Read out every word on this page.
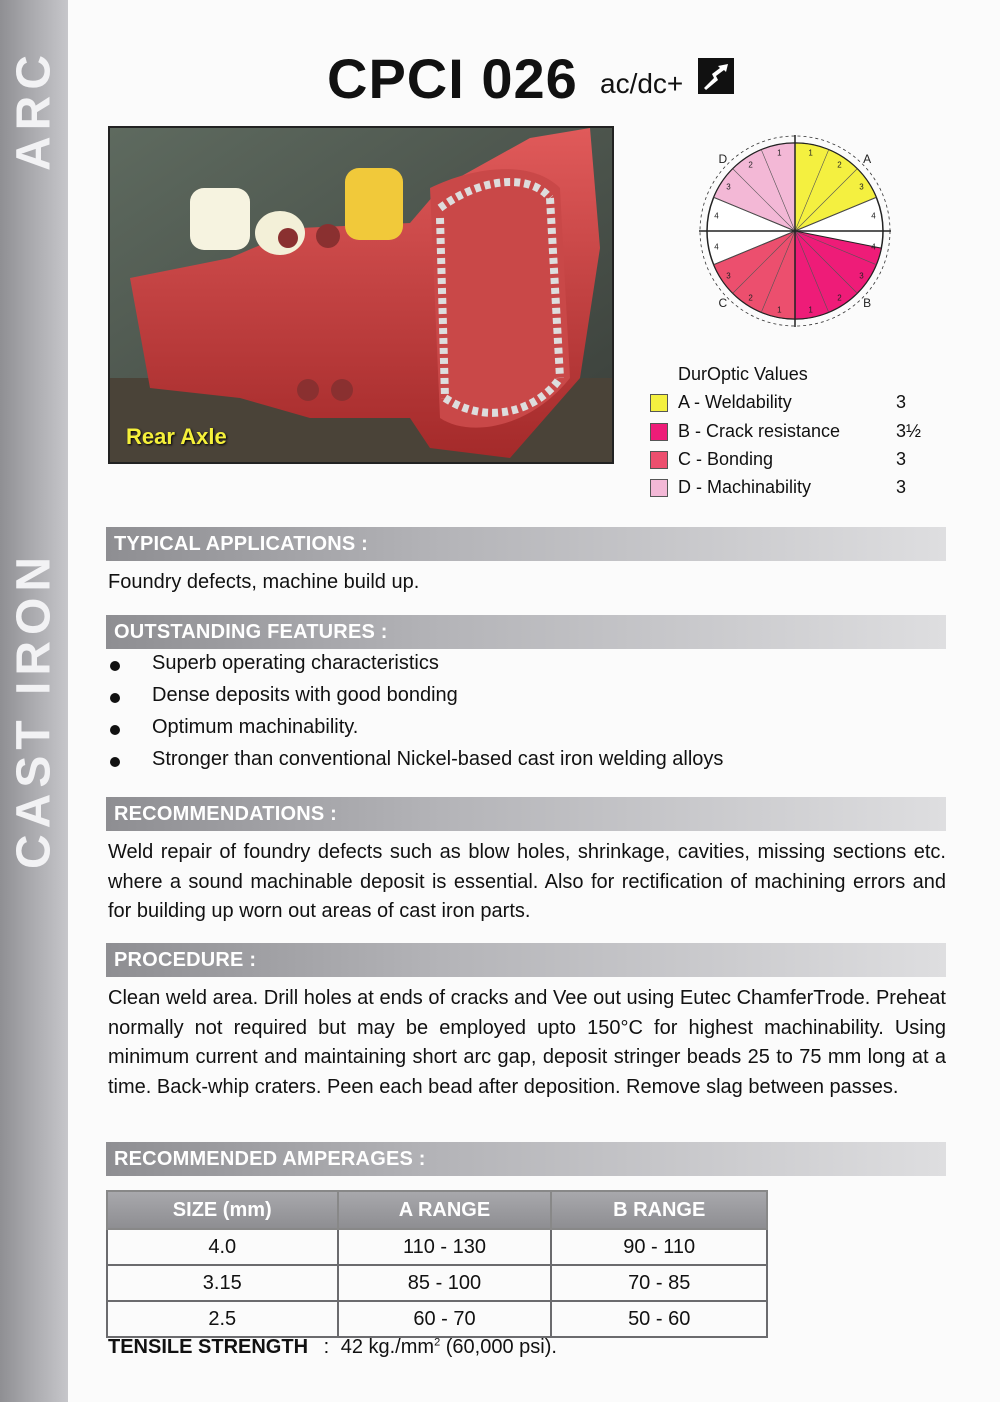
ARC
CAST IRON
CPCI 026 ac/dc+
Rear Axle
1
2
3
4
1
2
3
4
1
2
3
4
1
2
3
4
A
B
C
D
DurOptic Values
A - Weldability	3
B - Crack resistance	3½
C - Bonding	3
D - Machinability	3
TYPICAL APPLICATIONS :
Foundry defects, machine build up.
OUTSTANDING FEATURES :
Superb operating characteristics
Dense deposits with good bonding
Optimum machinability.
Stronger than conventional Nickel-based cast iron welding alloys
RECOMMENDATIONS :
Weld repair of foundry defects such as blow holes, shrinkage, cavities, missing sections etc. where a sound machinable deposit is essential. Also for rectification of machining errors and for building up worn out areas of cast iron parts.
PROCEDURE :
Clean weld area. Drill holes at ends of cracks and Vee out using Eutec ChamferTrode. Preheat normally not required but may be employed upto 150°C for highest machinability. Using minimum current and maintaining short arc gap, deposit stringer beads 25 to 75 mm long at a time. Back-whip craters. Peen each bead after deposition. Remove slag between passes.
RECOMMENDED AMPERAGES :
SIZE (mm)	A RANGE	B RANGE
4.0	110 - 130	90 - 110
3.15	85 - 100	70 - 85
2.5	60 - 70	50 - 60
TENSILE STRENGTH : 42 $kg./mm^2$ (60,000 psi).
